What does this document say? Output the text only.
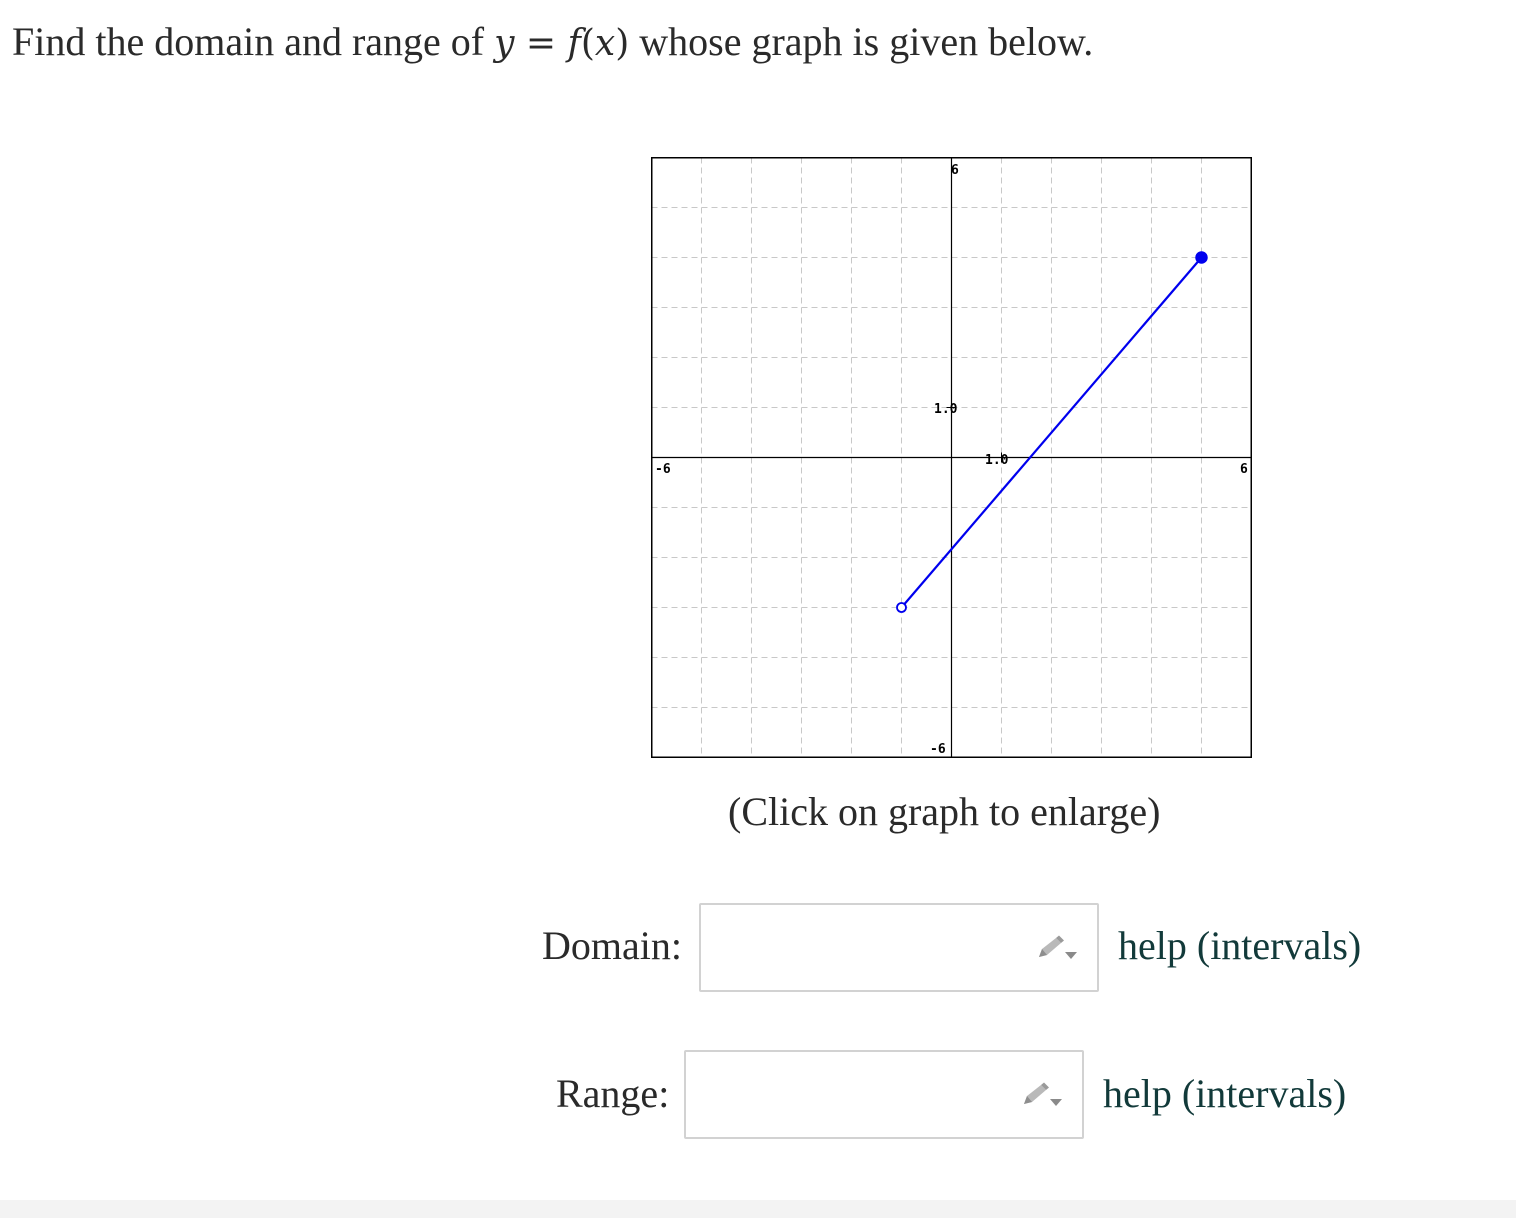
Find the domain and range of y = f(x) whose graph is given below.
-6	6
6
-6
1.0
1.0
(Click on graph to enlarge)
Domain:	help (intervals)
Range:	help (intervals)
